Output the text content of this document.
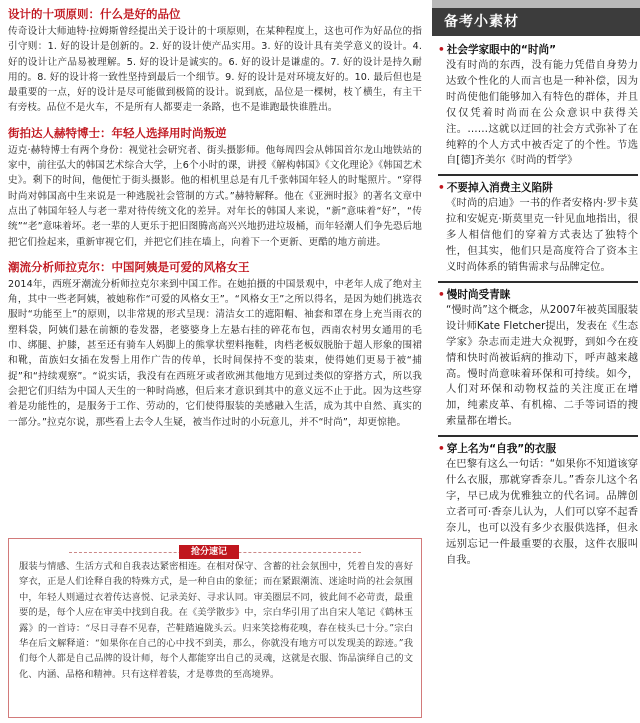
设计的十项原则：什么是好的品位
传奇设计大师迪特·拉姆斯曾经提出关于设计的十项原则，在某种程度上，这也可作为好品位的指引守则：1. 好的设计是创新的。2. 好的设计使产品实用。3. 好的设计具有美学意义的设计。4. 好的设计让产品易被理解。5. 好的设计是诚实的。6. 好的设计是谦虚的。7. 好的设计是持久耐用的。8. 好的设计将一致性坚持到最后一个细节。9. 好的设计是对环境友好的。10. 最后但也是最重要的一点，好的设计是尽可能做到极简的设计。说到底，品位是一棵树，枝丫横生，有主干有旁枝。品位不是火车，不是所有人都要走一条路，也不是谁跑最快谁胜出。
街拍达人赫特博士：年轻人选择用时尚叛逆
迈克·赫特博士有两个身份：视觉社会研究者、街头摄影师。他每周四会从韩国首尔龙山地铁站的家中，前往弘大的韩国艺术综合大学，上6个小时的课，讲授《解构韩国》《文化理论》《韩国艺术史》。剩下的时间，他便忙于街头摄影。他的相机里总是有几千张韩国年轻人的时髦照片。“穿得时尚对韩国高中生来说是一种逃脱社会管制的方式。”赫特解释。他在《亚洲时报》的著名文章中点出了韩国年轻人与老一辈对待传统文化的差异。对年长的韩国人来说，“新”意味着“好”，“传统”“老”意味着坏。老一辈的人更乐于把旧图腾高高兴兴地扔进垃圾桶，而年轻潮人们争先恐后地把它们捡起来，重新审视它们，并把它们挂在墙上，向着下一个更新、更酷的地方前进。
潮流分析师拉克尔：中国阿姨是可爱的风格女王
2014年，西班牙潮流分析师拉克尔来到中国工作。在她拍摄的中国景观中，中老年人成了绝对主角，其中一些老阿姨，被她称作“可爱的风格女王”。“风格女王”之所以得名，是因为她们挑选衣服时“功能至上”的原则，以非常规的形式呈现：清洁女工的遮阳帽、袖套和罩在身上充当雨衣的塑料袋，阿姨们悬在前额的卷发器，老婆婆身上左悬右挂的碎花布包，西南农村男女通用的毛巾、绑腿、护膝，甚至还有骑车人妈脚上的熊掌状塑料拖鞋，肉档老板奴脱胎于超人形象的围裙和靴，苗族妇女插在发髻上用作广告的传单，长时间保持不变的装束，使得她们更易于被“捕捉”和“持续观察”。“说实话，我没有在西班牙或者欧洲其他地方见到过类似的穿搭方式，所以我会把它们归结为中国人天生的一种时尚感，但后来才意识到其中的意义远不止于此。因为这些穿着是功能性的，是服务于工作、劳动的，它们使得服装的美感融入生活，成为其中自然、真实的一部分。”拉克尔说，那些看上去令人生疑，被当作过时的小玩意儿，并不“时尚”，却更惊艳。
抢分速记
服装与情感、生活方式和自我表达紧密相连。在相对保守、含蓄的社会氛围中，凭着自发的喜好穿衣，正是人们诠释自我的特殊方式，是一种自由的象征；而在紧跟潮流、迷途时尚的社会氛围中，年轻人则通过衣着传达喜悦、记录美好、寻求认同。审美圈层不同，彼此间不必苛责，最重要的是，每个人应在审美中找到自我。在《美学散步》中，宗白华引用了出自宋人笔记《鹤林玉露》的一首诗：“尽日寻春不见春，芒鞋踏遍陇头云。归来笑捻梅花嗅，春在枝头已十分。”宗白华在后文解释道：“如果你在自己的心中找不到美，那么，你就没有地方可以发现美的踪迹。”我们每个人都是自己品牌的设计师，每个人都能穿出自己的灵魂，这就是衣服、饰品演绎自己的文化、内涵、品格和精神。只有这样着装，才是尊贵的至高境界。
备考小素材
• 社会学家眼中的“时尚”
没有时尚的东西，没有能力凭借自身势力达致个性化的人而言也是一种补偿，因为时尚使他们能够加入有特色的群体，并且仅仅凭着时尚而在公众意识中获得关注。……这就以迂回的社会方式弥补了在纯粹的个人方式中被否定了的个性。节选自[德]齐美尔《时尚的哲学》
• 不要掉入消费主义陷阱
《时尚的启迪》一书的作者安格内·罗卡莫拉和安妮克·斯莫里克一针见血地指出，很多人相信他们的穿着方式表达了独特个性，但其实，他们只是高度符合了资本主义时尚体系的销售需求与品牌定位。
• 慢时尚受青睐
“慢时尚”这个概念，从2007年被英国服装设计师Kate Fletcher提出，发表在《生态学家》杂志而走进大众视野，到如今在疫情和快时尚被诟病的推动下，呼声越来越高。慢时尚意味着环保和可持续。如今，人们对环保和动物权益的关注度正在增加，纯素皮革、有机棉、二手等词语的搜索量都在增长。
• 穿上名为“自我”的衣服
在巴黎有这么一句话：“如果你不知道该穿什么衣服，那就穿香奈儿。”香奈儿这个名字，早已成为优雅独立的代名词。品牌创立者可可·香奈儿认为，人们可以穿不起香奈儿，也可以没有多少衣服供选择，但永远别忘记一件最重要的衣服，这件衣服叫自我。
